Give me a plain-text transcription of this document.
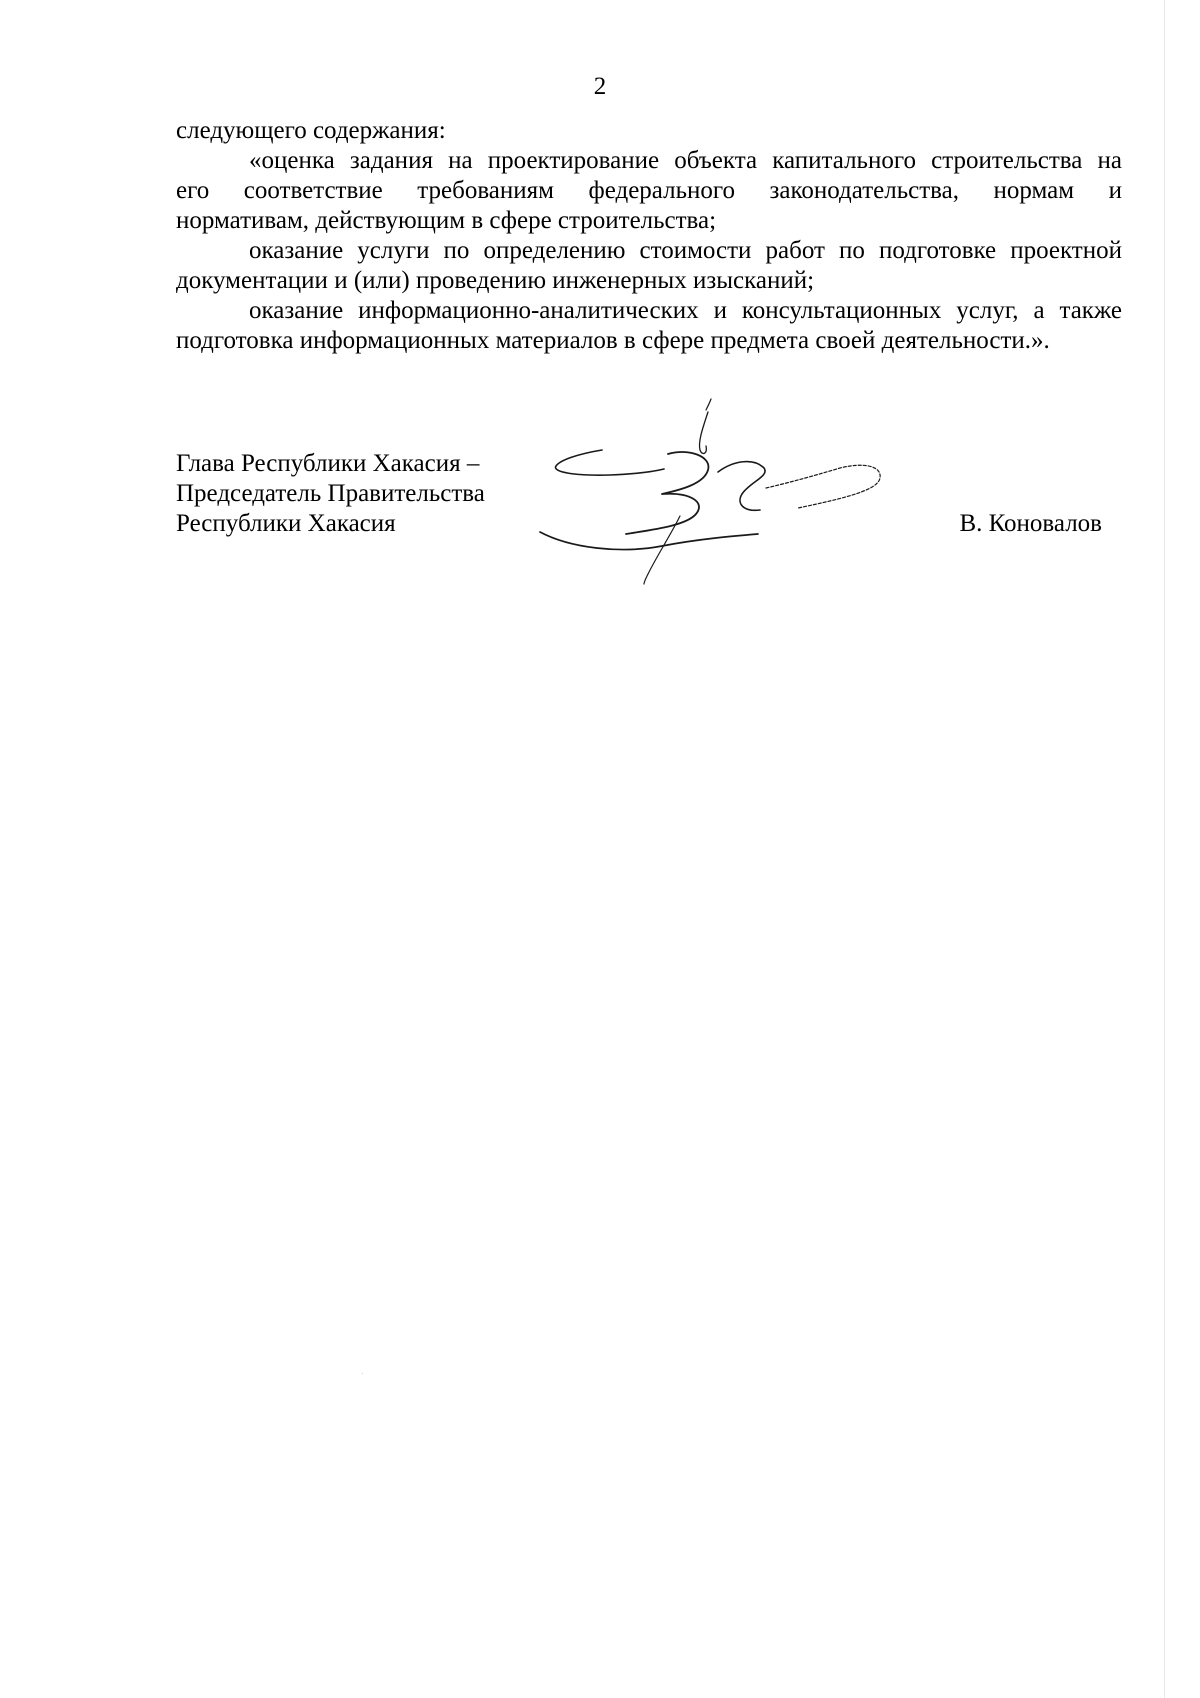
2
следующего содержания:
«оценка задания на проектирование объекта капитального строительства на
его соответствие требованиям федерального законодательства, нормам и
нормативам, действующим в сфере строительства;
оказание услуги по определению стоимости работ по подготовке проектной
документации и (или) проведению инженерных изысканий;
оказание информационно-аналитических и консультационных услуг, а также
подготовка информационных материалов в сфере предмета своей деятельности.».
Глава Республики Хакасия –
Председатель Правительства
Республики Хакасия	В. Коновалов
